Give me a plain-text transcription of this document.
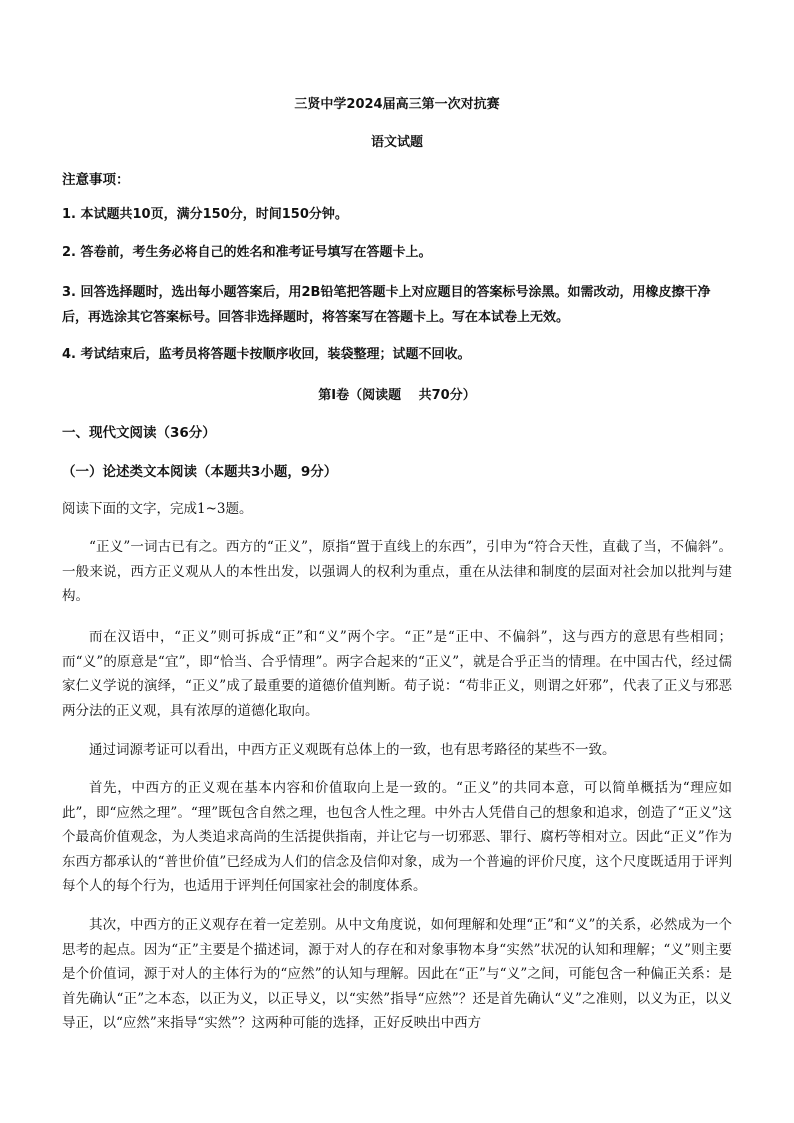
三贤中学2024届高三第一次对抗赛
语文试题
注意事项：
1. 本试题共10页，满分150分，时间150分钟。
2. 答卷前，考生务必将自己的姓名和准考证号填写在答题卡上。
3. 回答选择题时，选出每小题答案后，用2B铅笔把答题卡上对应题目的答案标号涂黑。如需改动，用橡皮擦干净后，再选涂其它答案标号。回答非选择题时，将答案写在答题卡上。写在本试卷上无效。
4. 考试结束后，监考员将答题卡按顺序收回，装袋整理；试题不回收。
第Ⅰ卷（阅读题　 共70分）
一、现代文阅读（36分）
（一）论述类文本阅读（本题共3小题，9分）
阅读下面的文字，完成1~3题。
“正义”一词古已有之。西方的“正义”，原指“置于直线上的东西”，引申为“符合天性，直截了当，不偏斜”。一般来说，西方正义观从人的本性出发，以强调人的权利为重点，重在从法律和制度的层面对社会加以批判与建构。
而在汉语中，“正义”则可拆成“正”和“义”两个字。“正”是“正中、不偏斜”，这与西方的意思有些相同；而“义”的原意是“宜”，即“恰当、合乎情理”。两字合起来的“正义”，就是合乎正当的情理。在中国古代，经过儒家仁义学说的演绎，“正义”成了最重要的道德价值判断。荀子说：“苟非正义，则谓之奸邪”，代表了正义与邪恶两分法的正义观，具有浓厚的道德化取向。
通过词源考证可以看出，中西方正义观既有总体上的一致，也有思考路径的某些不一致。
首先，中西方的正义观在基本内容和价值取向上是一致的。“正义”的共同本意，可以简单概括为“理应如此”，即“应然之理”。“理”既包含自然之理，也包含人性之理。中外古人凭借自己的想象和追求，创造了“正义”这个最高价值观念，为人类追求高尚的生活提供指南，并让它与一切邪恶、罪行、腐朽等相对立。因此“正义”作为东西方都承认的“普世价值”已经成为人们的信念及信仰对象，成为一个普遍的评价尺度，这个尺度既适用于评判每个人的每个行为，也适用于评判任何国家社会的制度体系。
其次，中西方的正义观存在着一定差别。从中文角度说，如何理解和处理“正”和“义”的关系，必然成为一个思考的起点。因为“正”主要是个描述词，源于对人的存在和对象事物本身“实然”状况的认知和理解；“义”则主要是个价值词，源于对人的主体行为的“应然”的认知与理解。因此在“正”与“义”之间，可能包含一种偏正关系：是首先确认“正”之本态，以正为义，以正导义，以“实然”指导“应然”？还是首先确认“义”之准则，以义为正，以义导正，以“应然”来指导“实然”？这两种可能的选择，正好反映出中西方
